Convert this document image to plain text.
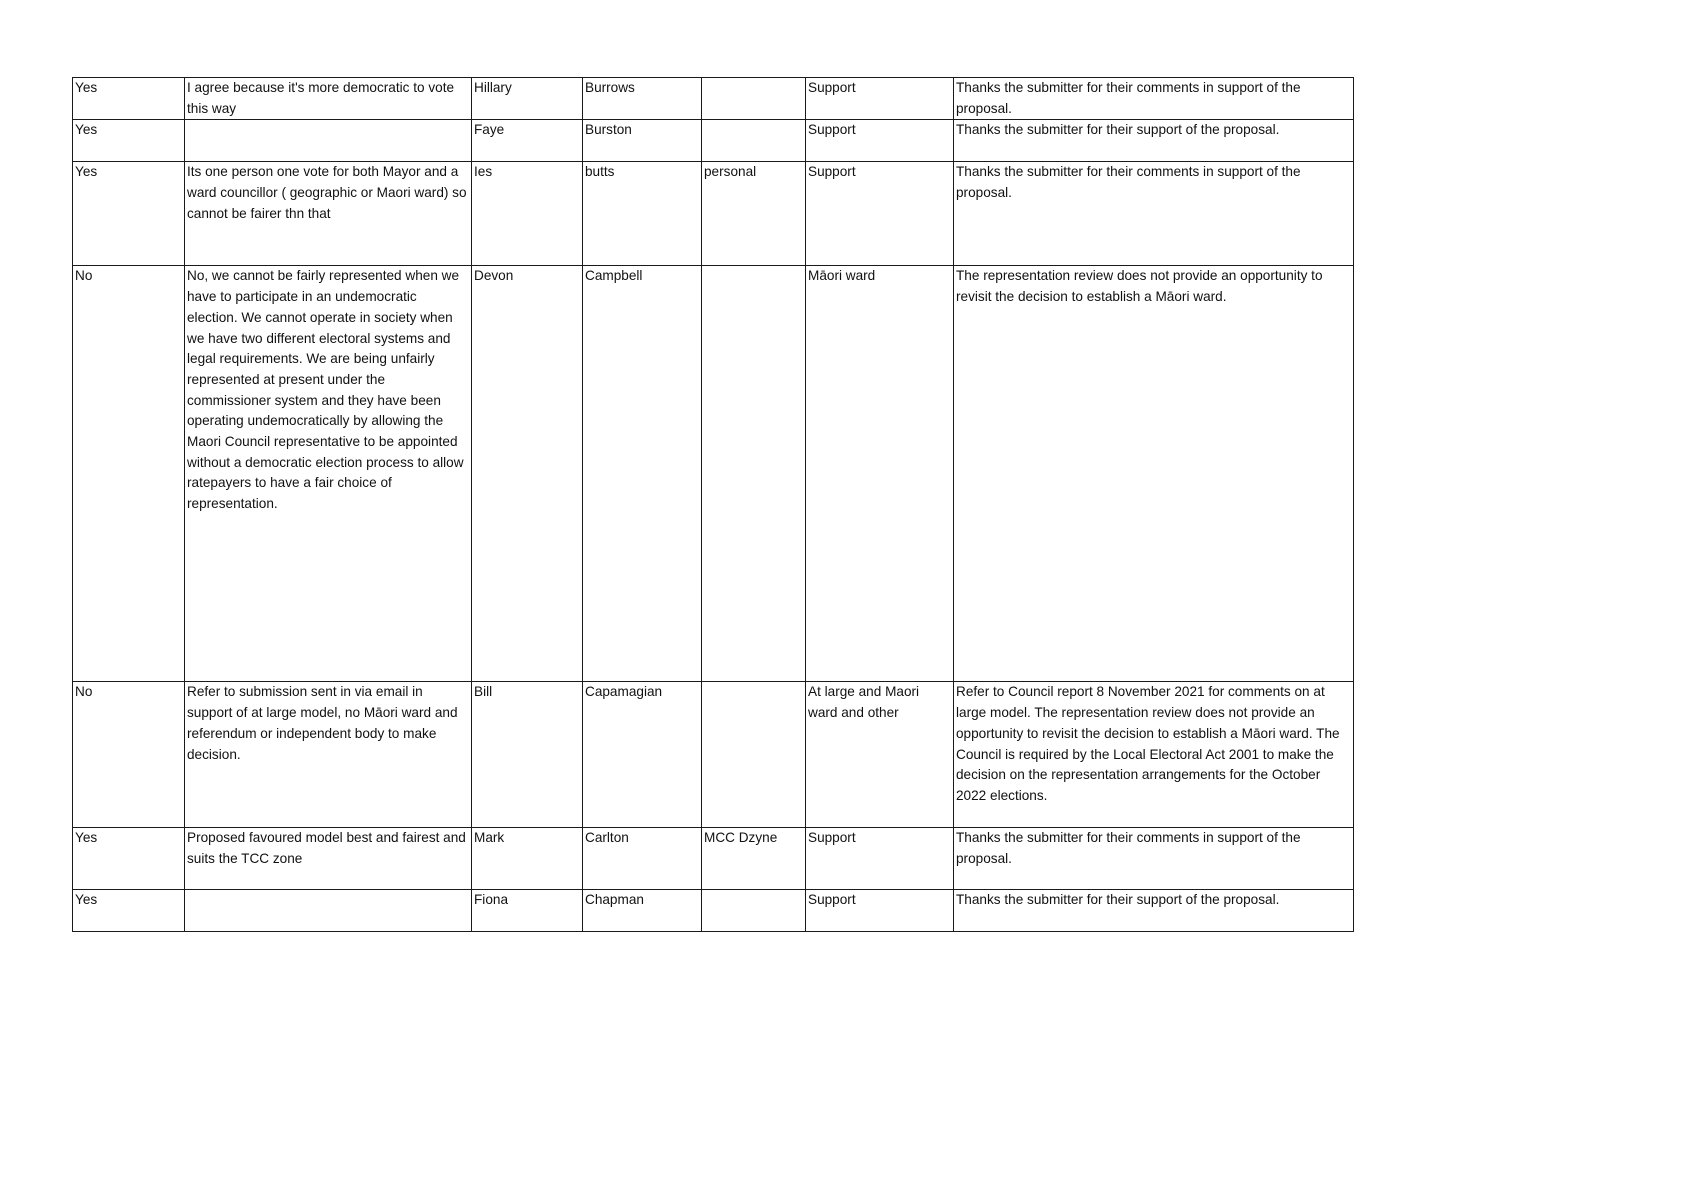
Yes	I agree because it's more democratic to vote this way	Hillary	Burrows		Support	Thanks the submitter for their comments in support of the proposal.
Yes		Faye	Burston		Support	Thanks the submitter for their support of the proposal.
Yes	Its one person one vote for both Mayor and a ward councillor ( geographic or Maori ward) so cannot be fairer thn that	Ies	butts	personal	Support	Thanks the submitter for their comments in support of the proposal.
No	No, we cannot be fairly represented when we have to participate in an undemocratic election. We cannot operate in society when we have two different electoral systems and legal requirements. We are being unfairly represented at present under the commissioner system and they have been operating undemocratically by allowing the Maori Council representative to be appointed without a democratic election process to allow ratepayers to have a fair choice of representation.	Devon	Campbell		Māori ward	The representation review does not provide an opportunity to revisit the decision to establish a Māori ward.
No	Refer to submission sent in via email in support of at large model, no Māori ward and referendum or independent body to make decision.	Bill	Capamagian		At large and Maori ward and other	Refer to Council report 8 November 2021 for comments on at large model. The representation review does not provide an opportunity to revisit the decision to establish a Māori ward. The Council is required by the Local Electoral Act 2001 to make the decision on the representation arrangements for the October 2022 elections.
Yes	Proposed favoured model best and fairest and suits the TCC zone	Mark	Carlton	MCC Dzyne	Support	Thanks the submitter for their comments in support of the proposal.
Yes		Fiona	Chapman		Support	Thanks the submitter for their support of the proposal.
